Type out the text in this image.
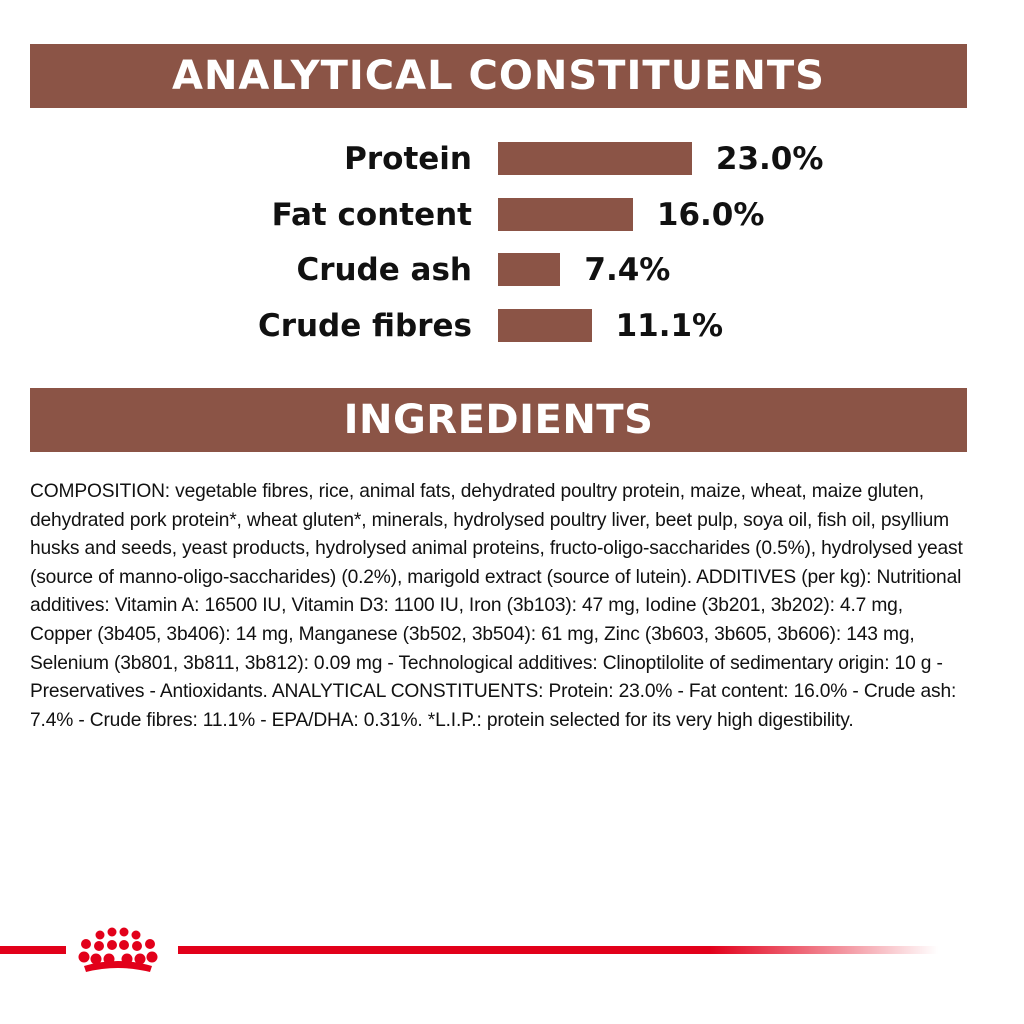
ANALYTICAL CONSTITUENTS
Protein	23.0%
Fat content	16.0%
Crude ash	7.4%
Crude fibres	11.1%
INGREDIENTS
COMPOSITION: vegetable fibres, rice, animal fats, dehydrated poultry protein, maize, wheat, maize gluten, dehydrated pork protein*, wheat gluten*, minerals, hydrolysed poultry liver, beet pulp, soya oil, fish oil, psyllium husks and seeds, yeast products, hydrolysed animal proteins, fructo-oligo-saccharides (0.5%), hydrolysed yeast (source of manno-oligo-saccharides) (0.2%), marigold extract (source of lutein). ADDITIVES (per kg): Nutritional additives: Vitamin A: 16500 IU, Vitamin D3: 1100 IU, Iron (3b103): 47 mg, Iodine (3b201, 3b202): 4.7 mg, Copper (3b405, 3b406): 14 mg, Manganese (3b502, 3b504): 61 mg, Zinc (3b603, 3b605, 3b606): 143 mg, Selenium (3b801, 3b811, 3b812): 0.09 mg - Technological additives: Clinoptilolite of sedimentary origin: 10 g - Preservatives - Antioxidants. ANALYTICAL CONSTITUENTS: Protein: 23.0% - Fat content: 16.0% - Crude ash: 7.4% - Crude fibres: 11.1% - EPA/DHA: 0.31%. *L.I.P.: protein selected for its very high digestibility.
